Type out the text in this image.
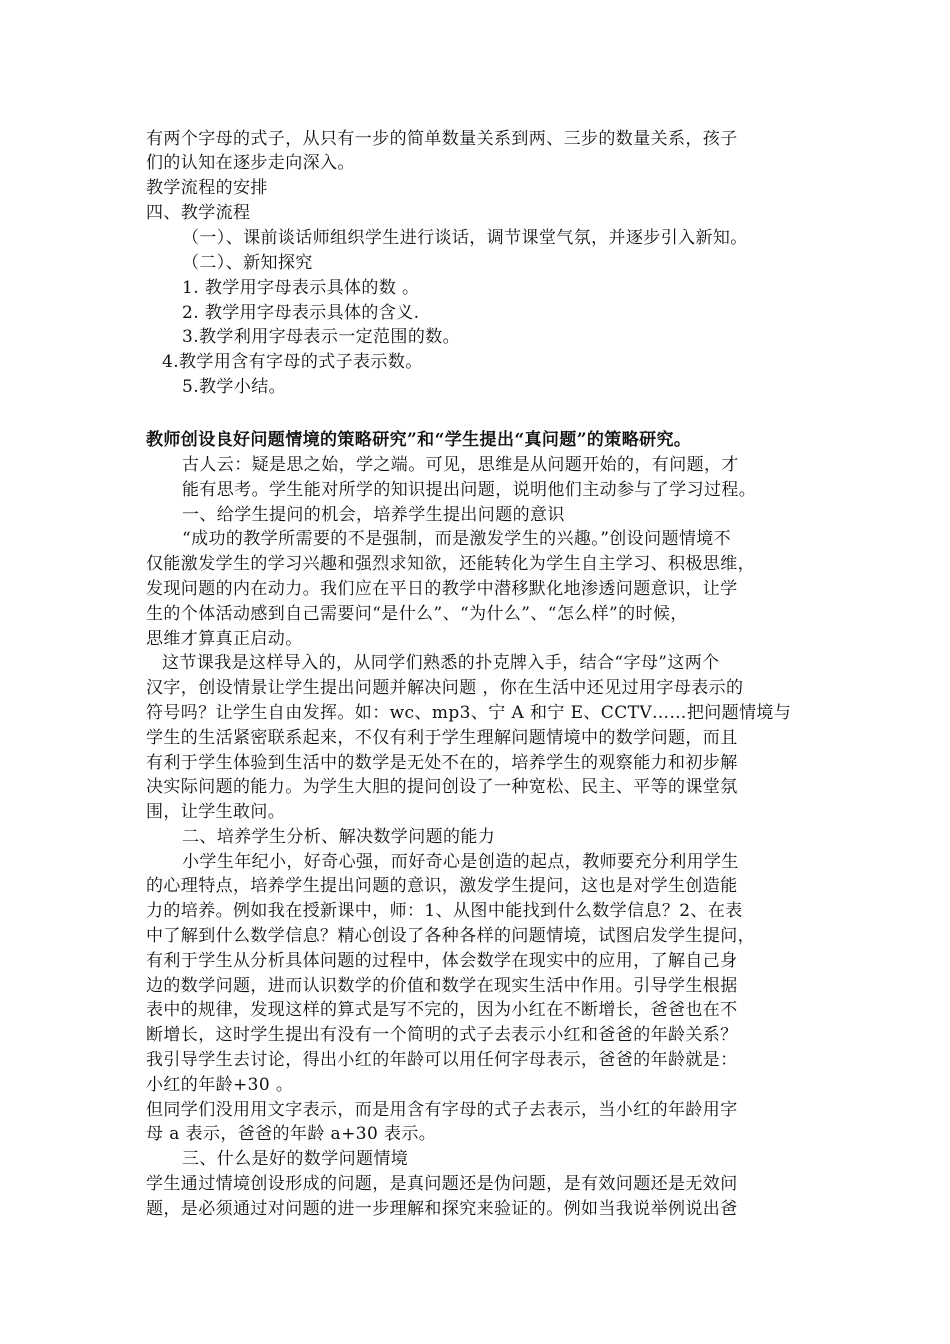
有两个字母的式子，从只有一步的简单数量关系到两、三步的数量关系，孩子
们的认知在逐步走向深入。
教学流程的安排
四、教学流程
（一）、课前谈话师组织学生进行谈话，调节课堂气氛，并逐步引入新知。
（二）、新知探究
1. 教学用字母表示具体的数 。
2. 教学用字母表示具体的含义.
3.教学利用字母表示一定范围的数。
4.教学用含有字母的式子表示数。
5.教学小结。
教师创设良好问题情境的策略研究”和“学生提出“真问题”的策略研究。
古人云：疑是思之始，学之端。可见，思维是从问题开始的，有问题，才
能有思考。学生能对所学的知识提出问题，说明他们主动参与了学习过程。
一、给学生提问的机会，培养学生提出问题的意识
“成功的教学所需要的不是强制，而是激发学生的兴趣。”创设问题情境不
仅能激发学生的学习兴趣和强烈求知欲，还能转化为学生自主学习、积极思维，
发现问题的内在动力。我们应在平日的教学中潜移默化地渗透问题意识，让学
生的个体活动感到自己需要问“是什么”、“为什么”、“怎么样”的时候，
思维才算真正启动。
这节课我是这样导入的，从同学们熟悉的扑克牌入手，结合“字母”这两个
汉字，创设情景让学生提出问题并解决问题 ，你在生活中还见过用字母表示的
符号吗？让学生自由发挥。如：wc、mp3、宁 A 和宁 E、CCTV……把问题情境与
学生的生活紧密联系起来，不仅有利于学生理解问题情境中的数学问题，而且
有利于学生体验到生活中的数学是无处不在的，培养学生的观察能力和初步解
决实际问题的能力。为学生大胆的提问创设了一种宽松、民主、平等的课堂氛
围，让学生敢问。
二、培养学生分析、解决数学问题的能力
小学生年纪小，好奇心强，而好奇心是创造的起点，教师要充分利用学生
的心理特点，培养学生提出问题的意识，激发学生提问，这也是对学生创造能
力的培养。例如我在授新课中，师：1、从图中能找到什么数学信息？2、在表
中了解到什么数学信息？精心创设了各种各样的问题情境，试图启发学生提问，
有利于学生从分析具体问题的过程中，体会数学在现实中的应用，了解自己身
边的数学问题，进而认识数学的价值和数学在现实生活中作用。引导学生根据
表中的规律，发现这样的算式是写不完的，因为小红在不断增长，爸爸也在不
断增长，这时学生提出有没有一个简明的式子去表示小红和爸爸的年龄关系？
我引导学生去讨论，得出小红的年龄可以用任何字母表示，爸爸的年龄就是：
小红的年龄+30 。
但同学们没用用文字表示，而是用含有字母的式子去表示，当小红的年龄用字
母 a 表示，爸爸的年龄 a+30 表示。
三、什么是好的数学问题情境
学生通过情境创设形成的问题，是真问题还是伪问题，是有效问题还是无效问
题，是必须通过对问题的进一步理解和探究来验证的。例如当我说举例说出爸
